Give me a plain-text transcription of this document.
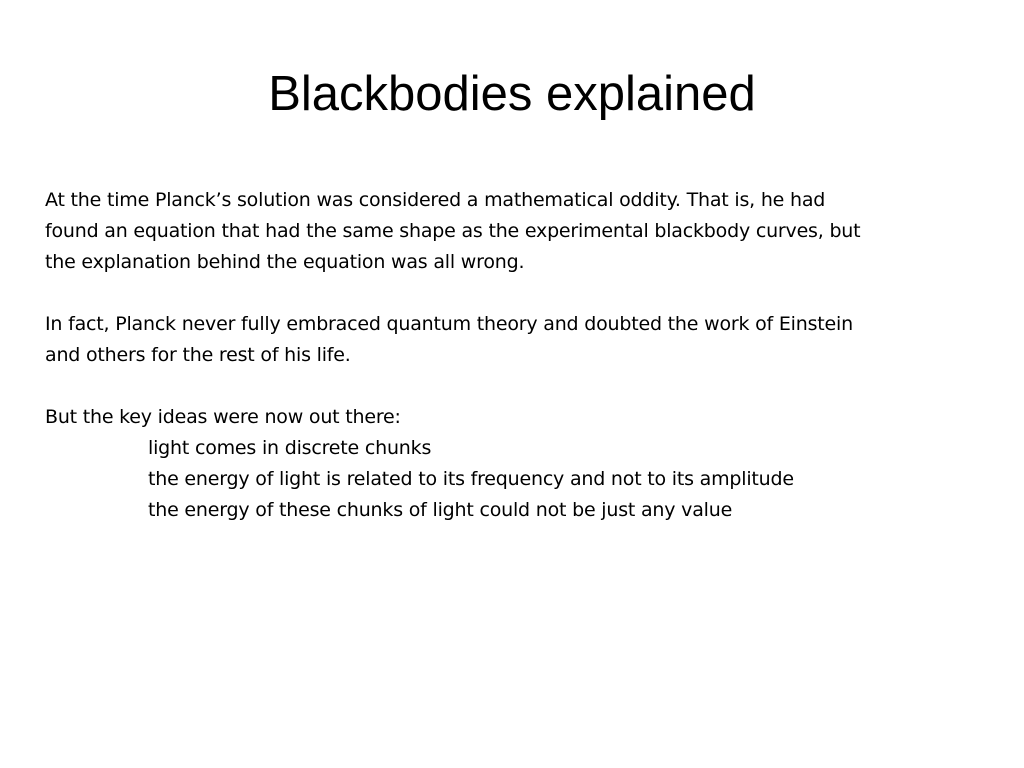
Blackbodies explained

At the time Planck’s solution was considered a mathematical oddity. That is, he had
found an equation that had the same shape as the experimental blackbody curves, but
the explanation behind the equation was all wrong.

In fact, Planck never fully embraced quantum theory and doubted the work of Einstein
and others for the rest of his life.

But the key ideas were now out there:
light comes in discrete chunks
the energy of light is related to its frequency and not to its amplitude
the energy of these chunks of light could not be just any value
